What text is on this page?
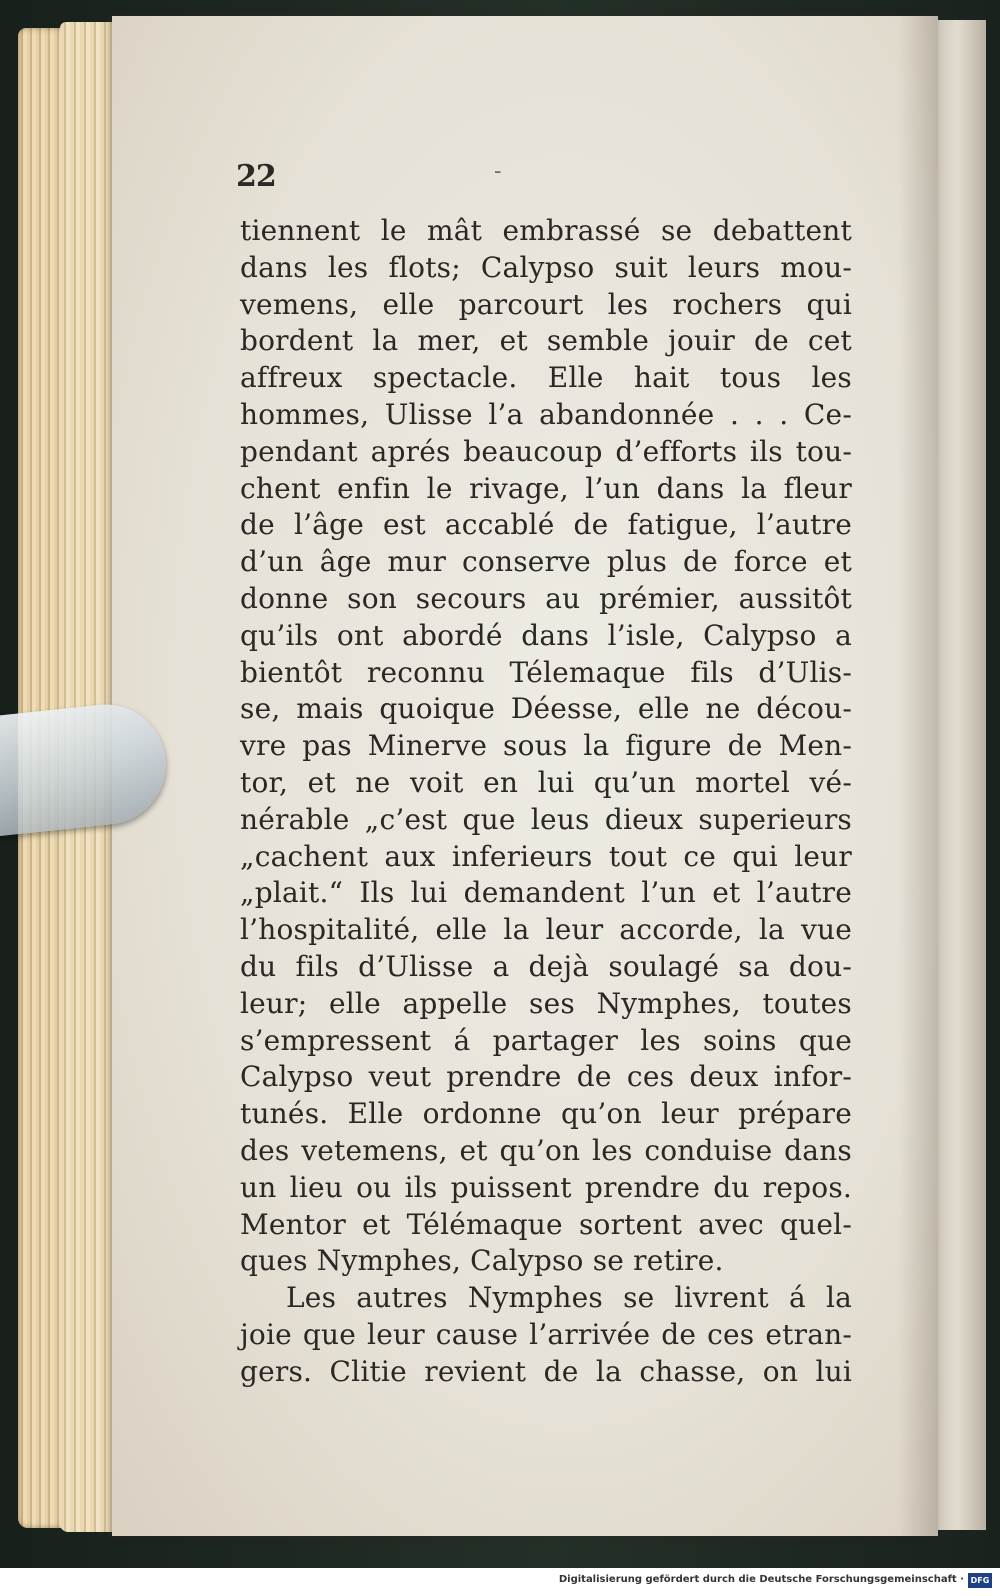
22	-
tiennent le mât embrassé se debattent
dans les flots; Calypso suit leurs mou-
vemens, elle parcourt les rochers qui
bordent la mer, et semble jouir de cet
affreux spectacle. Elle hait tous les
hommes, Ulisse l’a abandonnée . . . Ce-
pendant aprés beaucoup d’efforts ils tou-
chent enfin le rivage, l’un dans la fleur
de l’âge est accablé de fatigue, l’autre
d’un âge mur conserve plus de force et
donne son secours au prémier, aussitôt
qu’ils ont abordé dans l’isle, Calypso a
bientôt reconnu Télemaque fils d’Ulis-
se, mais quoique Déesse, elle ne décou-
vre pas Minerve sous la figure de Men-
tor, et ne voit en lui qu’un mortel vé-
nérable „c’est que leus dieux superieurs
„cachent aux inferieurs tout ce qui leur
„plait.“ Ils lui demandent l’un et l’autre
l’hospitalité, elle la leur accorde, la vue
du fils d’Ulisse a dejà soulagé sa dou-
leur; elle appelle ses Nymphes, toutes
s’empressent á partager les soins que
Calypso veut prendre de ces deux infor-
tunés. Elle ordonne qu’on leur prépare
des vetemens, et qu’on les conduise dans
un lieu ou ils puissent prendre du repos.
Mentor et Télémaque sortent avec quel-
ques Nymphes, Calypso se retire.
Les autres Nymphes se livrent á la
joie que leur cause l’arrivée de ces etran-
gers. Clitie revient de la chasse, on lui
Digitalisierung gefördert durch die Deutsche Forschungsgemeinschaft · DFG
